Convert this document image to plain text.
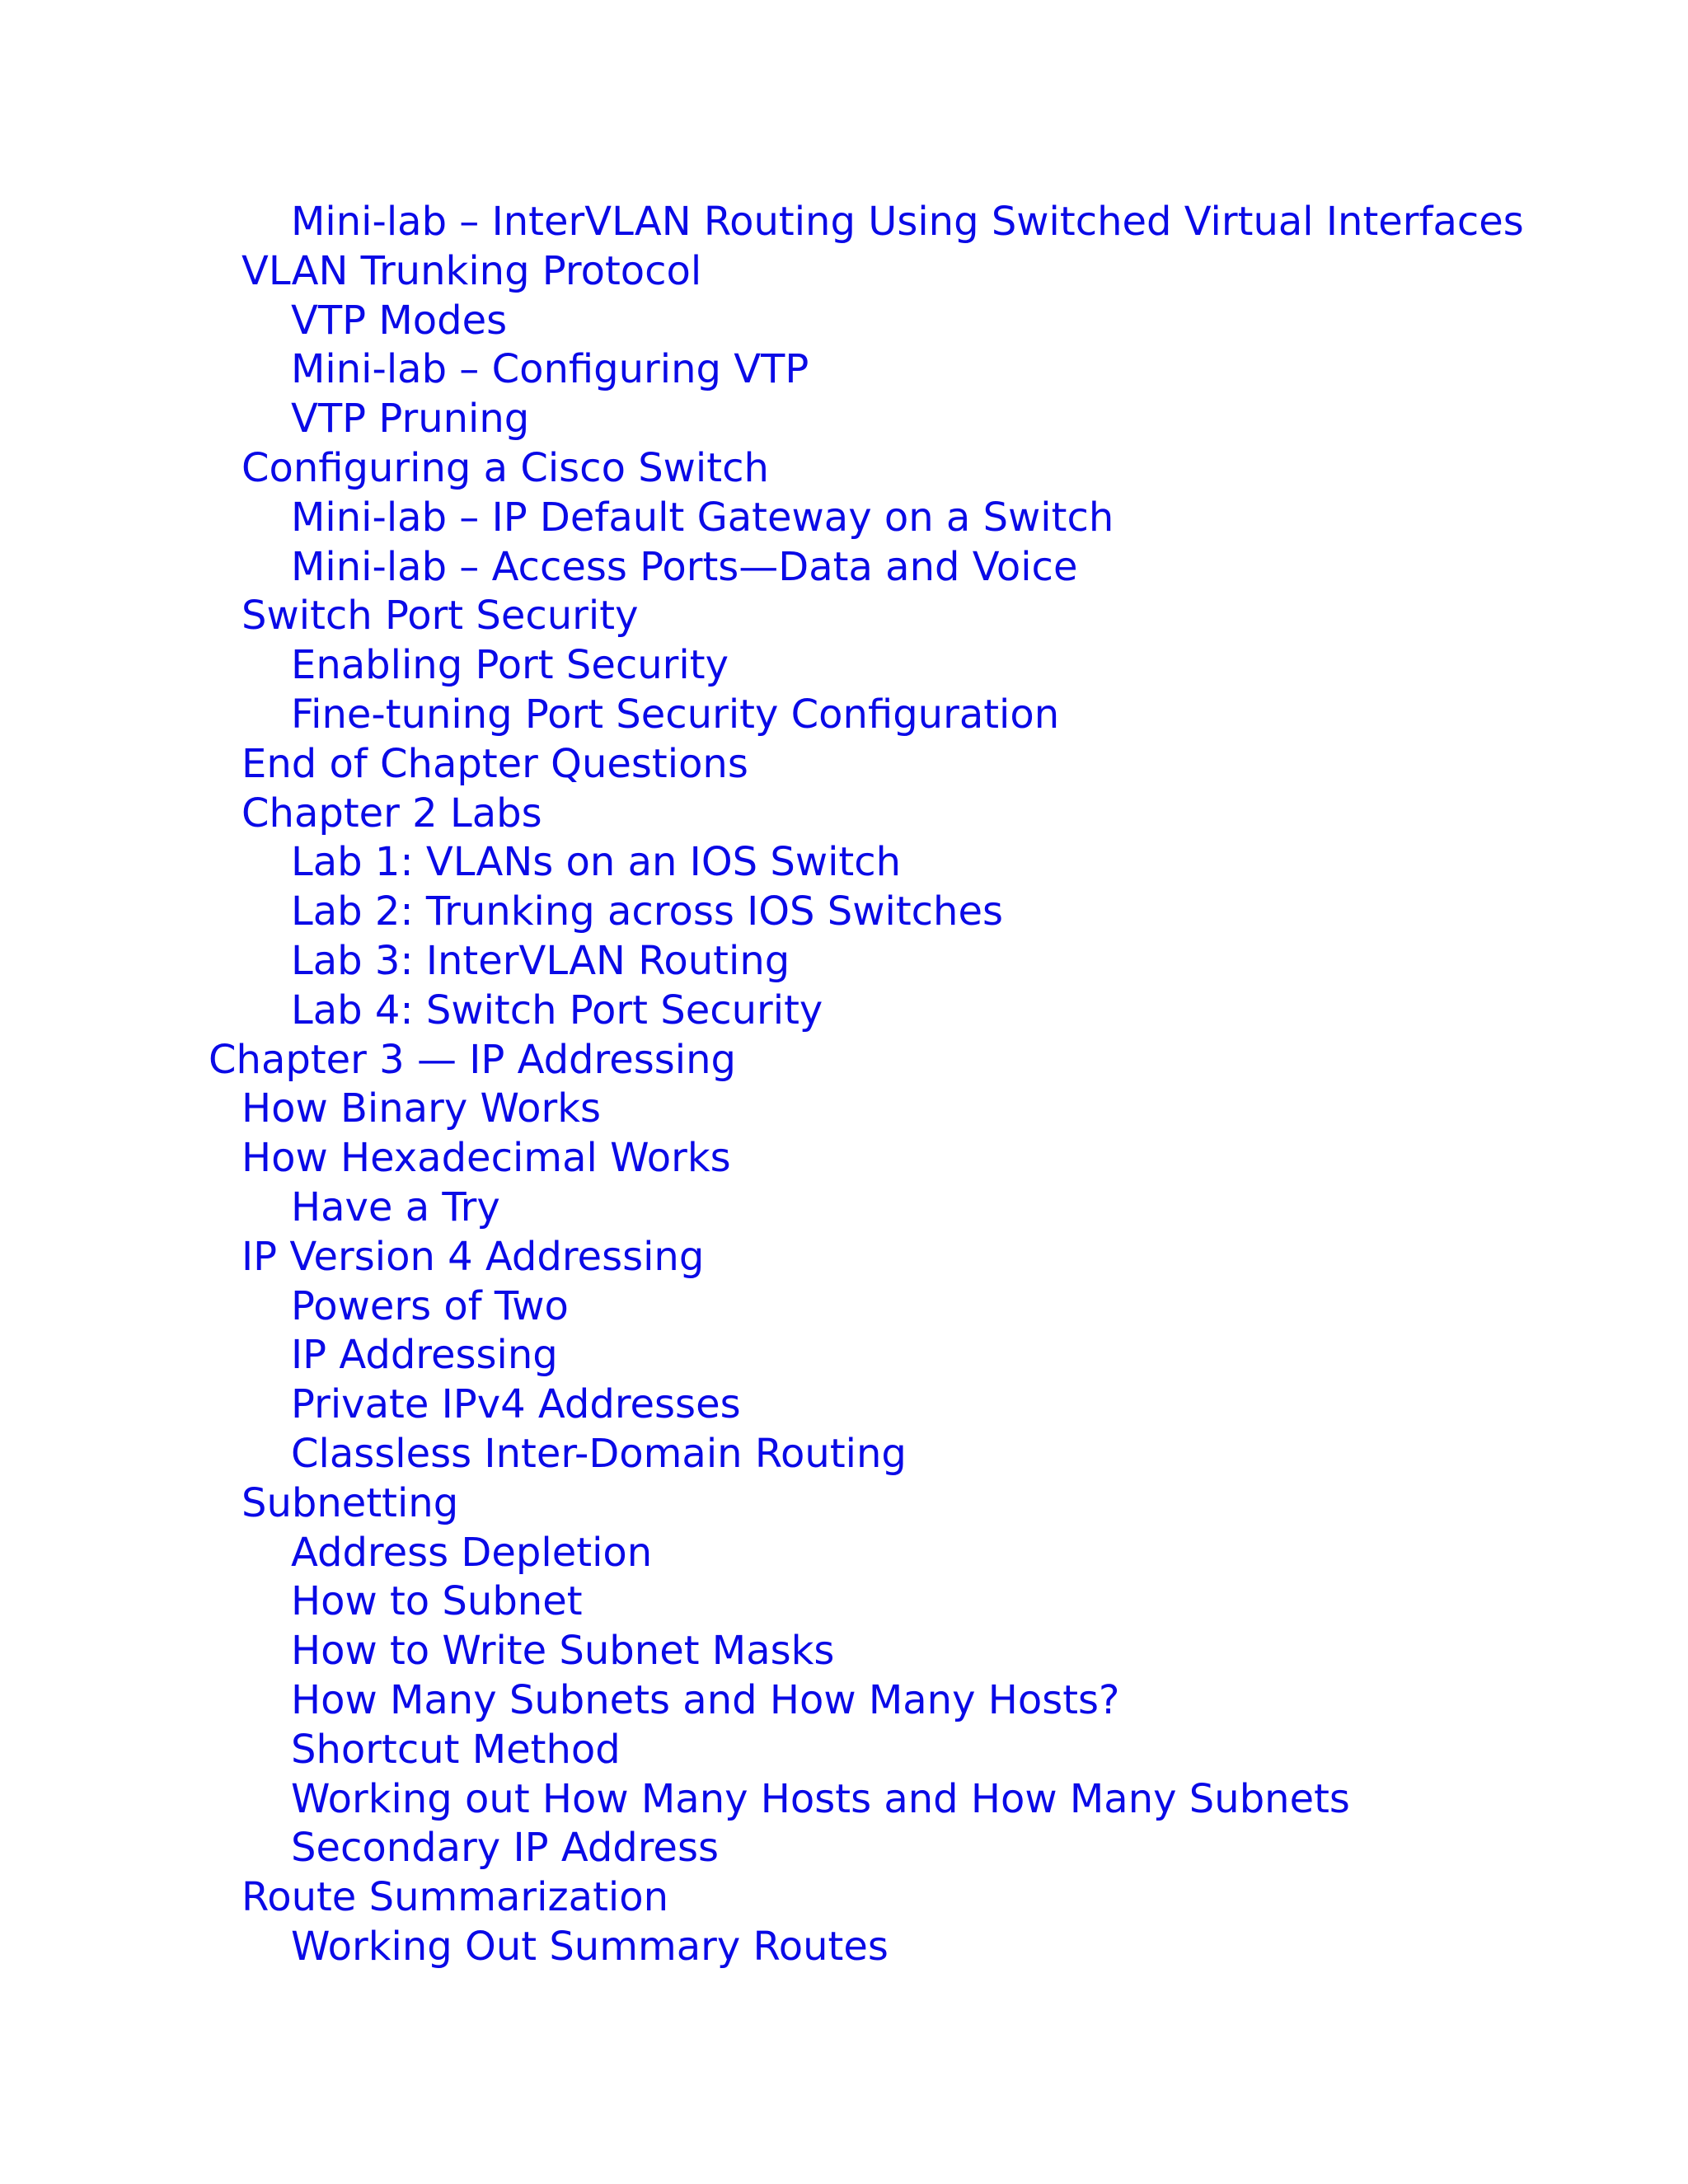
Mini-lab – InterVLAN Routing Using Switched Virtual Interfaces
VLAN Trunking Protocol
VTP Modes
Mini-lab – Configuring VTP
VTP Pruning
Configuring a Cisco Switch
Mini-lab – IP Default Gateway on a Switch
Mini-lab – Access Ports—Data and Voice
Switch Port Security
Enabling Port Security
Fine-tuning Port Security Configuration
End of Chapter Questions
Chapter 2 Labs
Lab 1: VLANs on an IOS Switch
Lab 2: Trunking across IOS Switches
Lab 3: InterVLAN Routing
Lab 4: Switch Port Security
Chapter 3 — IP Addressing
How Binary Works
How Hexadecimal Works
Have a Try
IP Version 4 Addressing
Powers of Two
IP Addressing
Private IPv4 Addresses
Classless Inter-Domain Routing
Subnetting
Address Depletion
How to Subnet
How to Write Subnet Masks
How Many Subnets and How Many Hosts?
Shortcut Method
Working out How Many Hosts and How Many Subnets
Secondary IP Address
Route Summarization
Working Out Summary Routes
